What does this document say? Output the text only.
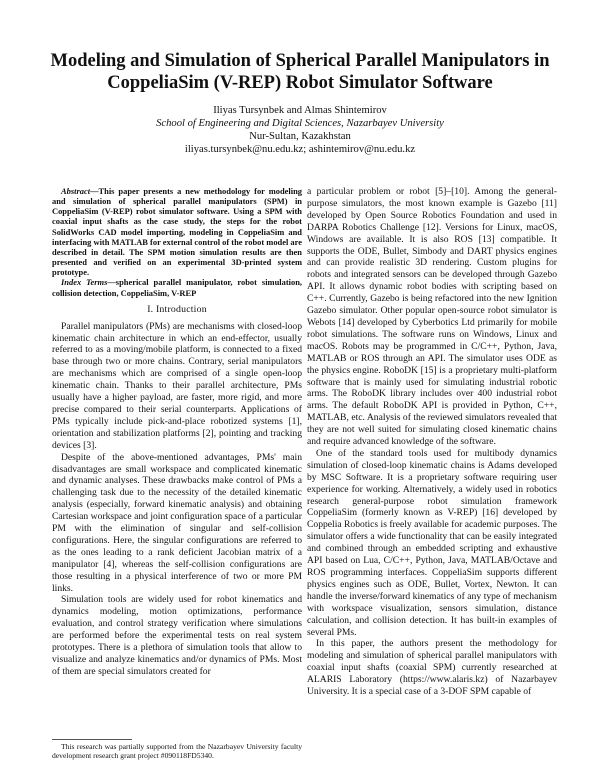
Modeling and Simulation of Spherical Parallel Manipulators in
CoppeliaSim (V-REP) Robot Simulator Software
Iliyas Tursynbek and Almas Shintemirov
School of Engineering and Digital Sciences, Nazarbayev University
Nur-Sultan, Kazakhstan
iliyas.tursynbek@nu.edu.kz; ashintemirov@nu.edu.kz

Abstract—This paper presents a new methodology for modeling and simulation of spherical parallel manipulators (SPM) in CoppeliaSim (V-REP) robot simulator software. Using a SPM with coaxial input shafts as the case study, the steps for the robot SolidWorks CAD model importing, modeling in CoppeliaSim and interfacing with MATLAB for external control of the robot model are described in detail. The SPM motion simulation results are then presented and verified on an experimental 3D-printed system prototype.

Index Terms—spherical parallel manipulator, robot simulation, collision detection, CoppeliaSim, V-REP

I. Introduction

Parallel manipulators (PMs) are mechanisms with closed-loop kinematic chain architecture in which an end-effector, usually referred to as a moving/mobile platform, is connected to a fixed base through two or more chains. Contrary, serial manipulators are mechanisms which are comprised of a single open-loop kinematic chain. Thanks to their parallel architecture, PMs usually have a higher payload, are faster, more rigid, and more precise compared to their serial counterparts. Applications of PMs typically include pick-and-place robotized systems [1], orientation and stabilization platforms [2], pointing and tracking devices [3].

Despite of the above-mentioned advantages, PMs' main disadvantages are small workspace and complicated kinematic and dynamic analyses. These drawbacks make control of PMs a challenging task due to the necessity of the detailed kinematic analysis (especially, forward kinematic analysis) and obtaining Cartesian workspace and joint configuration space of a particular PM with the elimination of singular and self-collision configurations. Here, the singular configurations are referred to as the ones leading to a rank deficient Jacobian matrix of a manipulator [4], whereas the self-collision configurations are those resulting in a physical interference of two or more PM links.

Simulation tools are widely used for robot kinematics and dynamics modeling, motion optimizations, performance evaluation, and control strategy verification where simulations are performed before the experimental tests on real system prototypes. There is a plethora of simulation tools that allow to visualize and analyze kinematics and/or dynamics of PMs. Most of them are special simulators created for

a particular problem or robot [5]–[10]. Among the general-purpose simulators, the most known example is Gazebo [11] developed by Open Source Robotics Foundation and used in DARPA Robotics Challenge [12]. Versions for Linux, macOS, Windows are available. It is also ROS [13] compatible. It supports the ODE, Bullet, Simbody and DART physics engines and can provide realistic 3D rendering. Custom plugins for robots and integrated sensors can be developed through Gazebo API. It allows dynamic robot bodies with scripting based on C++. Currently, Gazebo is being refactored into the new Ignition Gazebo simulator. Other popular open-source robot simulator is Webots [14] developed by Cyberbotics Ltd primarily for mobile robot simulations. The software runs on Windows, Linux and macOS. Robots may be programmed in C/C++, Python, Java, MATLAB or ROS through an API. The simulator uses ODE as the physics engine. RoboDK [15] is a proprietary multi-platform software that is mainly used for simulating industrial robotic arms. The RoboDK library includes over 400 industrial robot arms. The default RoboDK API is provided in Python, C++, MATLAB, etc. Analysis of the reviewed simulators revealed that they are not well suited for simulating closed kinematic chains and require advanced knowledge of the software.

One of the standard tools used for multibody dynamics simulation of closed-loop kinematic chains is Adams developed by MSC Software. It is a proprietary software requiring user experience for working. Alternatively, a widely used in robotics research general-purpose robot simulation framework CoppeliaSim (formerly known as V-REP) [16] developed by Coppelia Robotics is freely available for academic purposes. The simulator offers a wide functionality that can be easily integrated and combined through an embedded scripting and exhaustive API based on Lua, C/C++, Python, Java, MATLAB/Octave and ROS programming interfaces. CoppeliaSim supports different physics engines such as ODE, Bullet, Vortex, Newton. It can handle the inverse/forward kinematics of any type of mechanism with workspace visualization, sensors simulation, distance calculation, and collision detection. It has built-in examples of several PMs.

In this paper, the authors present the methodology for modeling and simulation of spherical parallel manipulators with coaxial input shafts (coaxial SPM) currently researched at ALARIS Laboratory (https://www.alaris.kz) of Nazarbayev University. It is a special case of a 3-DOF SPM capable of

This research was partially supported from the Nazarbayev University faculty development research grant project #090118FD5340.
